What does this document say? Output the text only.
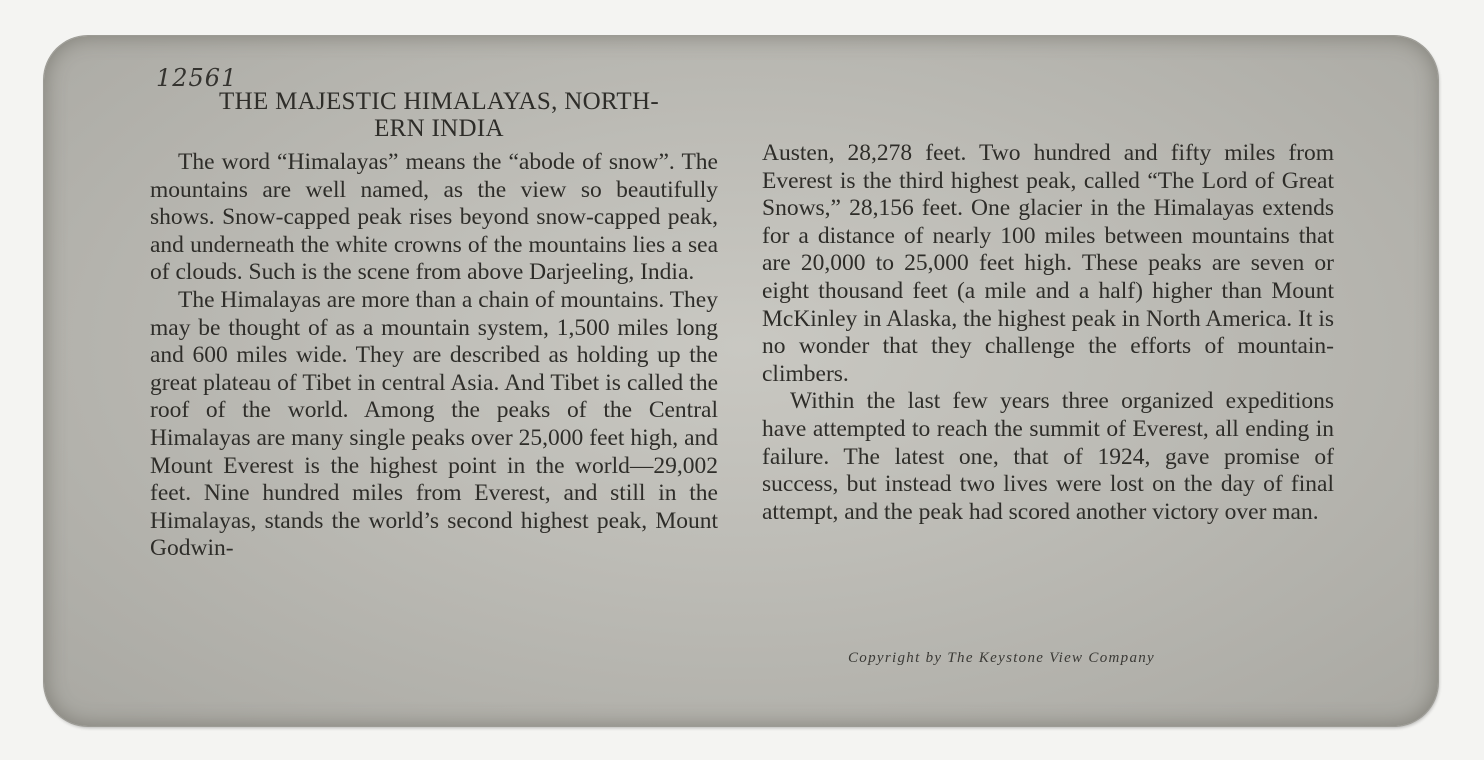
12561
THE MAJESTIC HIMALAYAS, NORTH-
ERN INDIA

The word “Himalayas” means the “abode of snow”. The mountains are well named, as the view so beautifully shows. Snow-capped peak rises beyond snow-capped peak, and underneath the white crowns of the mountains lies a sea of clouds. Such is the scene from above Darjeeling, India.

The Himalayas are more than a chain of mountains. They may be thought of as a mountain system, 1,500 miles long and 600 miles wide. They are described as holding up the great plateau of Tibet in central Asia. And Tibet is called the roof of the world. Among the peaks of the Central Himalayas are many single peaks over 25,000 feet high, and Mount Everest is the highest point in the world—29,002 feet. Nine hundred miles from Everest, and still in the Himalayas, stands the world’s second highest peak, Mount Godwin-

Austen, 28,278 feet. Two hundred and fifty miles from Everest is the third highest peak, called “The Lord of Great Snows,” 28,156 feet. One glacier in the Himalayas extends for a distance of nearly 100 miles between mountains that are 20,000 to 25,000 feet high. These peaks are seven or eight thousand feet (a mile and a half) higher than Mount McKinley in Alaska, the highest peak in North America. It is no wonder that they challenge the efforts of mountain-climbers.

Within the last few years three organized expeditions have attempted to reach the summit of Everest, all ending in failure. The latest one, that of 1924, gave promise of success, but instead two lives were lost on the day of final attempt, and the peak had scored another victory over man.

Copyright by The Keystone View Company
